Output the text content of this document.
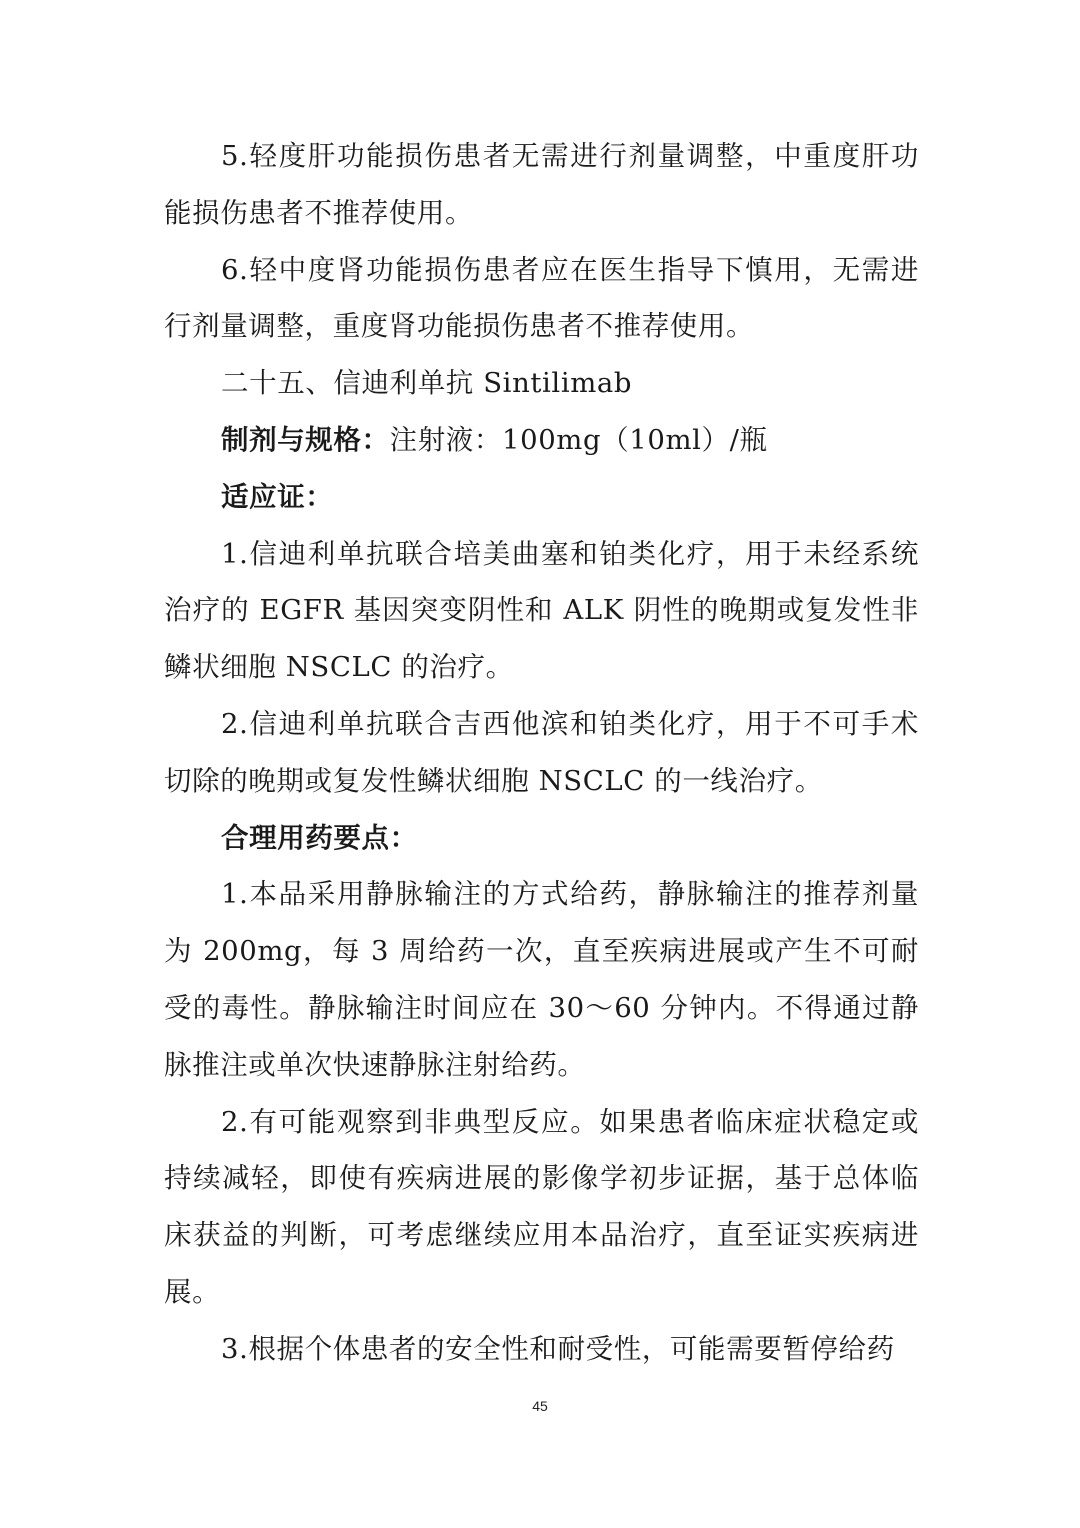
5.轻度肝功能损伤患者无需进行剂量调整，中重度肝功能损伤患者不推荐使用。

6.轻中度肾功能损伤患者应在医生指导下慎用，无需进行剂量调整，重度肾功能损伤患者不推荐使用。

二十五、信迪利单抗 Sintilimab

制剂与规格：注射液：100mg（10ml）/瓶

适应证：

1.信迪利单抗联合培美曲塞和铂类化疗，用于未经系统治疗的 EGFR 基因突变阴性和 ALK 阴性的晚期或复发性非鳞状细胞 NSCLC 的治疗。

2.信迪利单抗联合吉西他滨和铂类化疗，用于不可手术切除的晚期或复发性鳞状细胞 NSCLC 的一线治疗。

合理用药要点：

1.本品采用静脉输注的方式给药，静脉输注的推荐剂量为 200mg，每 3 周给药一次，直至疾病进展或产生不可耐受的毒性。静脉输注时间应在 30～60 分钟内。不得通过静脉推注或单次快速静脉注射给药。

2.有可能观察到非典型反应。如果患者临床症状稳定或持续减轻，即使有疾病进展的影像学初步证据，基于总体临床获益的判断，可考虑继续应用本品治疗，直至证实疾病进展。

3.根据个体患者的安全性和耐受性，可能需要暂停给药

45
